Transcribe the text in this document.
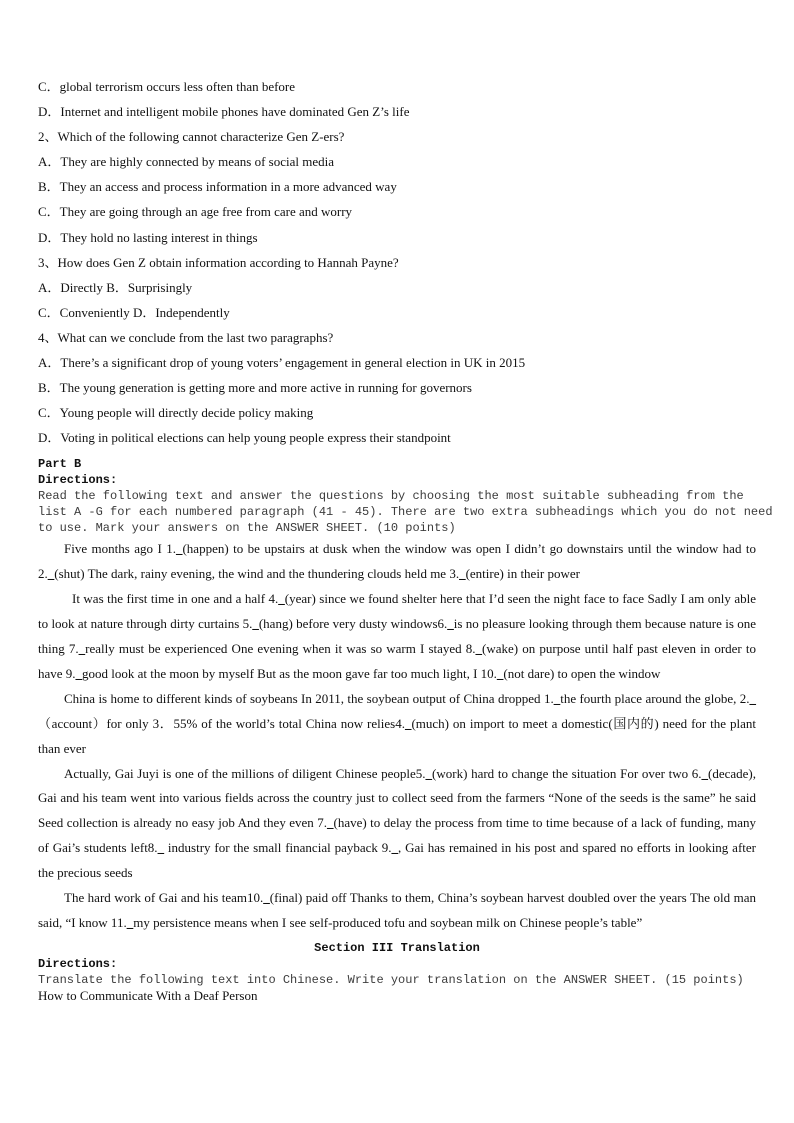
C．global terrorism occurs less often than before
D．Internet and intelligent mobile phones have dominated Gen Z’s life
2、Which of the following cannot characterize Gen Z-ers?
A．They are highly connected by means of social media
B．They an access and process information in a more advanced way
C．They are going through an age free from care and worry
D．They hold no lasting interest in things
3、How does Gen Z obtain information according to Hannah Payne?
A．Directly B．Surprisingly
C．Conveniently D．Independently
4、What can we conclude from the last two paragraphs?
A．There’s a significant drop of young voters’ engagement in general election in UK in 2015
B．The young generation is getting more and more active in running for governors
C．Young people will directly decide policy making
D．Voting in political elections can help young people express their standpoint
Part B
Directions:
Read the following text and answer the questions by choosing the most suitable subheading from the
list A -G for each numbered paragraph (41 - 45). There are two extra subheadings which you do not need
to use. Mark your answers on the ANSWER SHEET. (10 points)

Five months ago I 1._(happen) to be upstairs at dusk when the window was open I didn’t go downstairs until the window had to 2._(shut) The dark, rainy evening, the wind and the thundering clouds held me 3._(entire) in their power

It was the first time in one and a half 4._(year) since we found shelter here that I’d seen the night face to face Sadly I am only able to look at nature through dirty curtains 5._(hang) before very dusty windows6._is no pleasure looking through them because nature is one thing 7._really must be experienced One evening when it was so warm I stayed 8._(wake) on purpose until half past eleven in order to have 9._good look at the moon by myself But as the moon gave far too much light, I 10._(not dare) to open the window

China is home to different kinds of soybeans In 2011, the soybean output of China dropped 1._the fourth place around the globe, 2._（account）for only 3．55% of the world’s total China now relies4._(much) on import to meet a domestic(国内的) need for the plant than ever

Actually, Gai Juyi is one of the millions of diligent Chinese people5._(work) hard to change the situation For over two 6._(decade), Gai and his team went into various fields across the country just to collect seed from the farmers “None of the seeds is the same” he said Seed collection is already no easy job And they even 7._(have) to delay the process from time to time because of a lack of funding, many of Gai’s students left8._ industry for the small financial payback 9._, Gai has remained in his post and spared no efforts in looking after the precious seeds

The hard work of Gai and his team10._(final) paid off Thanks to them, China’s soybean harvest doubled over the years The old man said, “I know 11._my persistence means when I see self-produced tofu and soybean milk on Chinese people’s table”

Section III Translation
Directions:
Translate the following text into Chinese. Write your translation on the ANSWER SHEET. (15 points)
How to Communicate With a Deaf Person
